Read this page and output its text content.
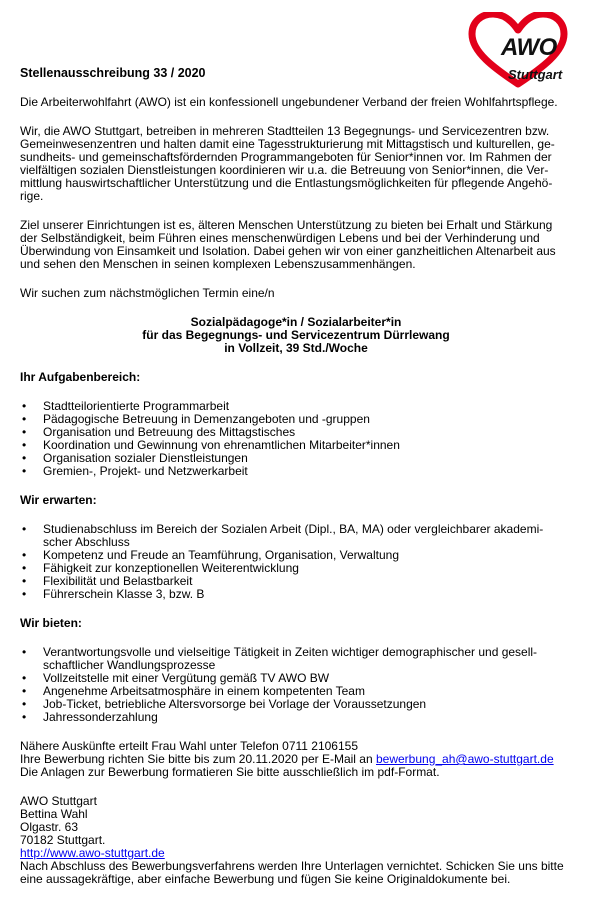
AWO
Stuttgart

Stellenausschreibung 33 / 2020

Die Arbeiterwohlfahrt (AWO) ist ein konfessionell ungebundener Verband der freien Wohlfahrtspflege.

Wir, die AWO Stuttgart, betreiben in mehreren Stadtteilen 13 Begegnungs- und Servicezentren bzw.

Gemeinwesenzentren und halten damit eine Tagesstrukturierung mit Mittagstisch und kulturellen, ge-

sundheits- und gemeinschaftsfördernden Programmangeboten für Senior*innen vor. Im Rahmen der

vielfältigen sozialen Dienstleistungen koordinieren wir u.a. die Betreuung von Senior*innen, die Ver-

mittlung hauswirtschaftlicher Unterstützung und die Entlastungsmöglichkeiten für pflegende Angehö-

rige.

Ziel unserer Einrichtungen ist es, älteren Menschen Unterstützung zu bieten bei Erhalt und Stärkung

der Selbständigkeit, beim Führen eines menschenwürdigen Lebens und bei der Verhinderung und

Überwindung von Einsamkeit und Isolation. Dabei gehen wir von einer ganzheitlichen Altenarbeit aus

und sehen den Menschen in seinen komplexen Lebenszusammenhängen.

Wir suchen zum nächstmöglichen Termin eine/n

Sozialpädagoge*in / Sozialarbeiter*in

für das Begegnungs- und Servicezentrum Dürrlewang

in Vollzeit, 39 Std./Woche

Ihr Aufgabenbereich:

• Stadtteilorientierte Programmarbeit
• Pädagogische Betreuung in Demenzangeboten und -gruppen
• Organisation und Betreuung des Mittagstisches
• Koordination und Gewinnung von ehrenamtlichen Mitarbeiter*innen
• Organisation sozialer Dienstleistungen
• Gremien-, Projekt- und Netzwerkarbeit

Wir erwarten:

• Studienabschluss im Bereich der Sozialen Arbeit (Dipl., BA, MA) oder vergleichbarer akademi-
scher Abschluss
• Kompetenz und Freude an Teamführung, Organisation, Verwaltung
• Fähigkeit zur konzeptionellen Weiterentwicklung
• Flexibilität und Belastbarkeit
• Führerschein Klasse 3, bzw. B

Wir bieten:

• Verantwortungsvolle und vielseitige Tätigkeit in Zeiten wichtiger demographischer und gesell-
schaftlicher Wandlungsprozesse
• Vollzeitstelle mit einer Vergütung gemäß TV AWO BW
• Angenehme Arbeitsatmosphäre in einem kompetenten Team
• Job-Ticket, betriebliche Altersvorsorge bei Vorlage der Voraussetzungen
• Jahressonderzahlung

Nähere Auskünfte erteilt Frau Wahl unter Telefon 0711 2106155

Ihre Bewerbung richten Sie bitte bis zum 20.11.2020 per E-Mail an bewerbung_ah@awo-stuttgart.de

Die Anlagen zur Bewerbung formatieren Sie bitte ausschließlich im pdf-Format.

AWO Stuttgart

Bettina Wahl

Olgastr. 63

70182 Stuttgart.

http://www.awo-stuttgart.de

Nach Abschluss des Bewerbungsverfahrens werden Ihre Unterlagen vernichtet. Schicken Sie uns bitte

eine aussagekräftige, aber einfache Bewerbung und fügen Sie keine Originaldokumente bei.
